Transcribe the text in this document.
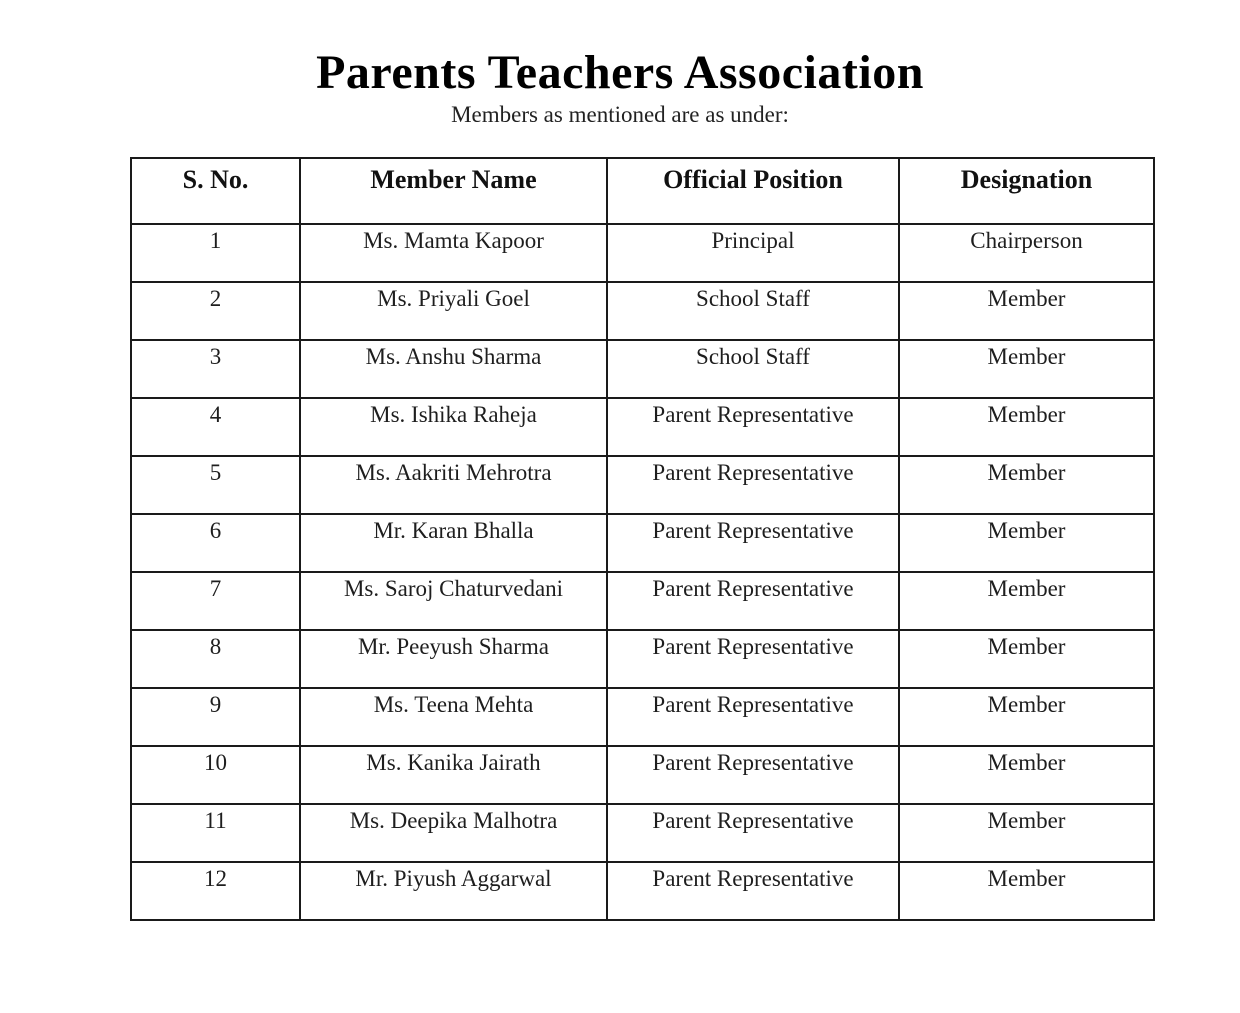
Parents Teachers Association
Members as mentioned are as under:
S. No.	Member Name	Official Position	Designation
1	Ms. Mamta Kapoor	Principal	Chairperson
2	Ms. Priyali Goel	School Staff	Member
3	Ms. Anshu Sharma	School Staff	Member
4	Ms. Ishika Raheja	Parent Representative	Member
5	Ms. Aakriti Mehrotra	Parent Representative	Member
6	Mr. Karan Bhalla	Parent Representative	Member
7	Ms. Saroj Chaturvedani	Parent Representative	Member
8	Mr. Peeyush Sharma	Parent Representative	Member
9	Ms. Teena Mehta	Parent Representative	Member
10	Ms. Kanika Jairath	Parent Representative	Member
11	Ms. Deepika Malhotra	Parent Representative	Member
12	Mr. Piyush Aggarwal	Parent Representative	Member
